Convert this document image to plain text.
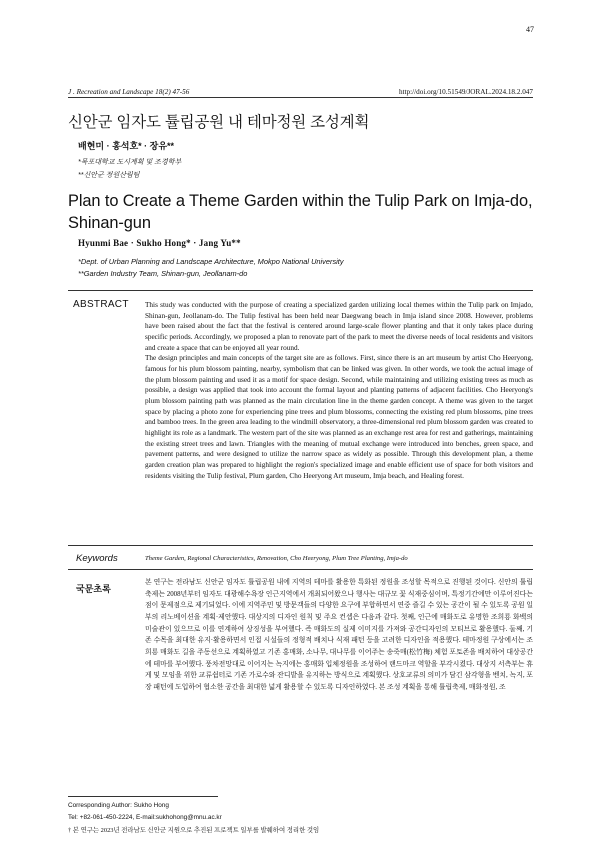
47
J . Recreation and Landscape 18(2) 47-56	http://doi.org/10.51549/JORAL.2024.18.2.047
신안군 임자도 튤립공원 내 테마정원 조성계획
배현미 · 홍석호* · 장유**
*목포대학교 도시계획 및 조경학부
**신안군 정원산림팀
Plan to Create a Theme Garden within the Tulip Park on Imja-do, Shinan-gun
Hyunmi Bae · Sukho Hong* · Jang Yu**
*Dept. of Urban Planning and Landscape Architecture, Mokpo National University
**Garden Industry Team, Shinan-gun, Jeollanam-do
ABSTRACT This study was conducted with the purpose of creating a specialized garden utilizing local themes within the Tulip park on Imjado, Shinan-gun, Jeollanam-do. The Tulip festival has been held near Daegwang beach in Imja island since 2008. However, problems have been raised about the fact that the festival is centered around large-scale flower planting and that it only takes place during specific periods. Accordingly, we proposed a plan to renovate part of the park to meet the diverse needs of local residents and visitors and create a space that can be enjoyed all year round.

The design principles and main concepts of the target site are as follows. First, since there is an art museum by artist Cho Heeryong, famous for his plum blossom painting, nearby, symbolism that can be linked was given. In other words, we took the actual image of the plum blossom painting and used it as a motif for space design. Second, while maintaining and utilizing existing trees as much as possible, a design was applied that took into account the formal layout and planting patterns of adjacent facilities. Cho Heeryong's plum blossom painting path was planned as the main circulation line in the theme garden concept. A theme was given to the target space by placing a photo zone for experiencing pine trees and plum blossoms, connecting the existing red plum blossoms, pine trees and bamboo trees. In the green area leading to the windmill observatory, a three-dimensional red plum blossom garden was created to highlight its role as a landmark. The western part of the site was planned as an exchange rest area for rest and gatherings, maintaining the existing street trees and lawn. Triangles with the meaning of mutual exchange were introduced into benches, green space, and pavement patterns, and were designed to utilize the narrow space as widely as possible. Through this development plan, a theme garden creation plan was prepared to highlight the region's specialized image and enable efficient use of space for both visitors and residents visiting the Tulip festival, Plum garden, Cho Heeryong Art museum, Imja beach, and Healing forest.

Keywords	Theme Garden, Regional Characteristics, Renovation, Cho Heeryong, Plum Tree Planting, Imja-do
국문초록

본 연구는 전라남도 신안군 임자도 튤립공원 내에 지역의 테마를 활용한 특화된 정원을 조성할 목적으로 진행된 것이다. 신안의 튤립축제는 2008년부터 임자도 대광해수욕장 인근지역에서 개최되어왔으나 행사는 대규모 꽃 식재중심이며, 특정기간에만 이루어진다는 점이 문제점으로 제기되었다. 이에 지역주민 및 방문객들의 다양한 요구에 부합하면서 연중 즐길 수 있는 공간이 될 수 있도록 공원 일부의 리노베이션을 계획·제안했다. 대상지의 디자인 원칙 및 주요 컨셉은 다음과 같다. 첫째, 인근에 매화도로 유명한 조희룡 화백의 미술관이 있으므로 이를 연계하여 상징성을 부여했다. 즉 매화도의 실제 이미지를 가져와 공간디자인의 모티브로 활용했다. 둘째, 기존 수목을 최대한 유지·활용하면서 인접 시설들의 정형적 배치나 식재 패턴 등을 고려한 디자인을 적용했다. 테마정원 구상에서는 조희룡 매화도 길을 주동선으로 계획하였고 기존 홍매화, 소나무, 대나무를 이어주는 송죽매(松竹梅) 체험 포토존을 배치하여 대상공간에 테마를 부여했다. 풍차전망대로 이어지는 녹지에는 홍매화 입체정원을 조성하여 랜드마크 역할을 부각시켰다. 대상지 서측부는 휴게 및 모임을 위한 교류쉼터로 기존 가로수와 잔디밭을 유지하는 방식으로 계획했다. 상호교류의 의미가 담긴 삼각형을 벤치, 녹지, 포장 패턴에 도입하여 협소한 공간을 최대한 넓게 활용할 수 있도록 디자인하였다. 본 조성 계획을 통해 튤립축제, 매화정원, 조

Corresponding Author: Sukho Hong
Tel: +82-061-450-2224, E-mail:sukhohong@mnu.ac.kr
† 본 연구는 2023년 전라남도 신안군 지원으로 추진된 프로젝트 일부를 발췌하여 정리한 것임
